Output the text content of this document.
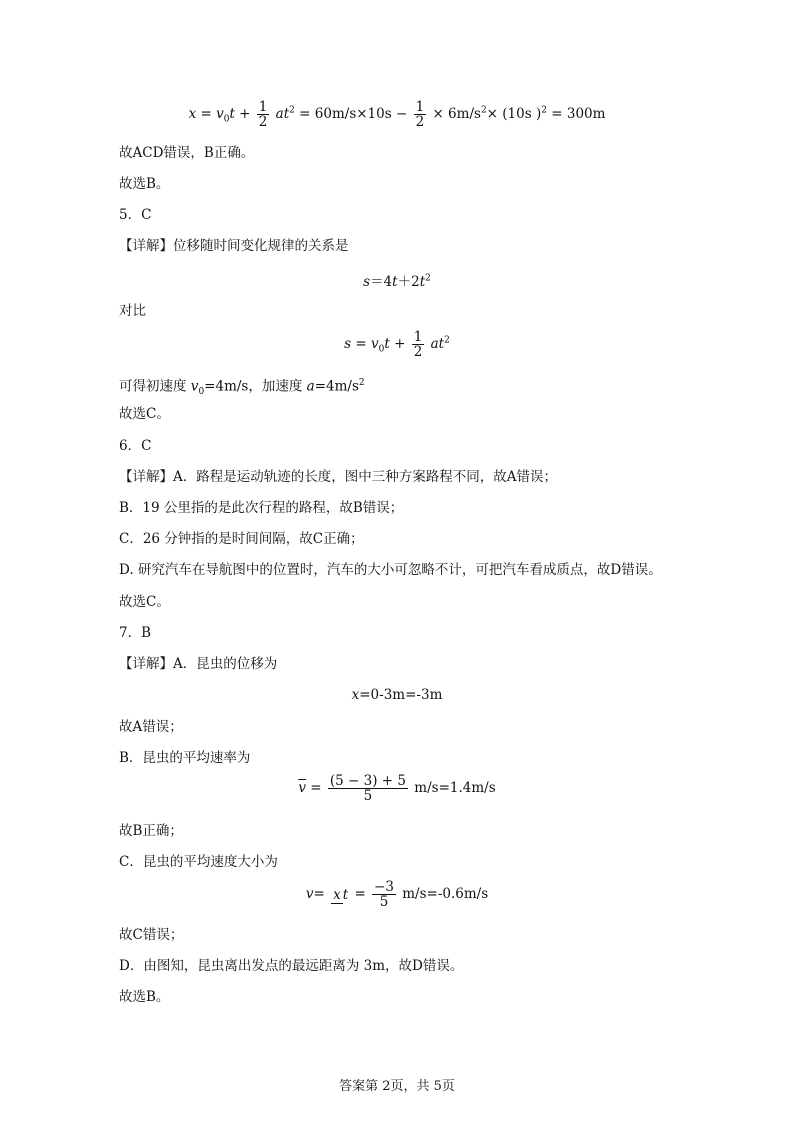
$x = v_0t + \frac{1}{2} at^2 = 60m/s\times 10s - \frac{1}{2} \times 6m/s^2\times (10s$ )$^2$ = 300m
故ACD错误，B正确。
故选B。
5．C
【详解】位移随时间变化规律的关系是
$s=4t+2t^2$
对比
$s = v_0t + \frac{1}{2} at^2$
可得初速度 $v_0=4m/s$，加速度 $a=4m/s^2$
故选C。
6．C
【详解】A．路程是运动轨迹的长度，图中三种方案路程不同，故A错误；
B．19 公里指的是此次行程的路程，故B错误；
C．26 分钟指的是时间间隔，故C正确；
D. 研究汽车在导航图中的位置时，汽车的大小可忽略不计，可把汽车看成质点，故D错误。
故选C。
7．B
【详解】A．昆虫的位移为
x=0-3m=-3m
故A错误；
B．昆虫的平均速率为
$\overline{v} = \frac{(5 - 3) + 5}{5} m/s=1.4m/s$
故B正确；
C．昆虫的平均速度大小为
v= x $t = \frac{-3}{5} m/s=-0.6m/s$
故C错误；
D．由图知，昆虫离出发点的最远距离为 3m，故D错误。
故选B。
答案第 2页，共 5页
